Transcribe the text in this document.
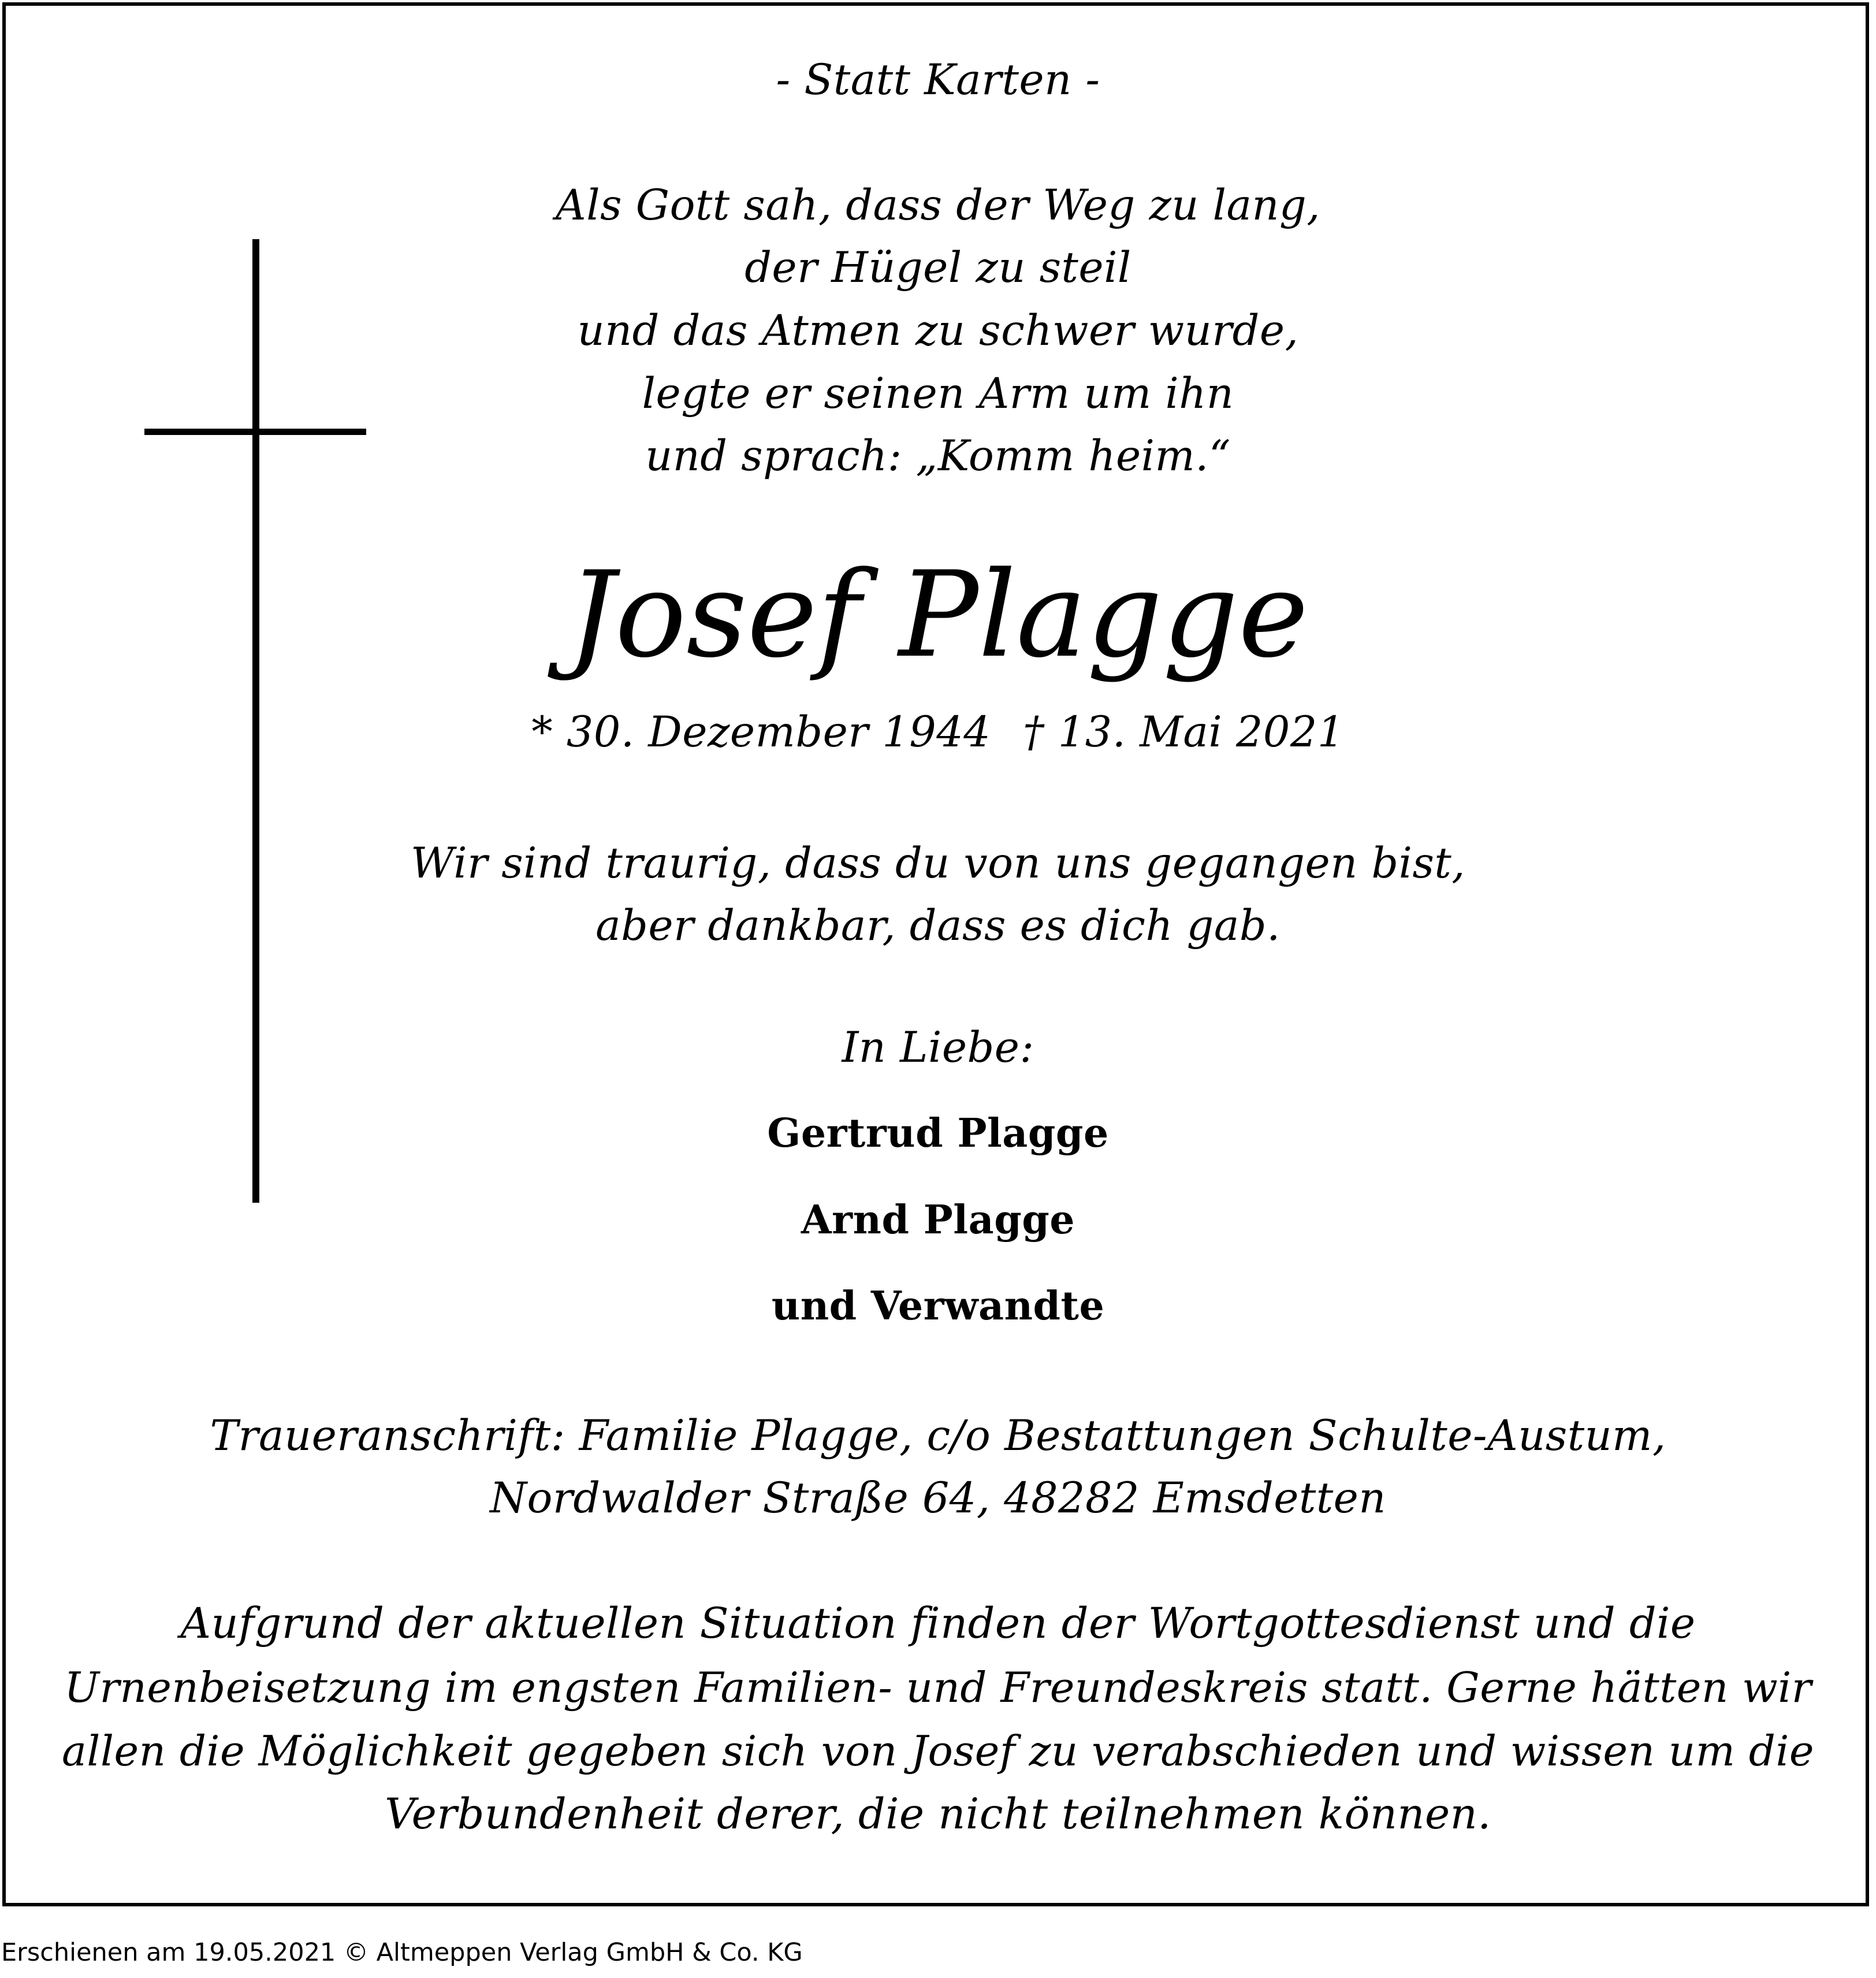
- Statt Karten -
Als Gott sah, dass der Weg zu lang,
der Hügel zu steil
und das Atmen zu schwer wurde,
legte er seinen Arm um ihn
und sprach: „Komm heim.“
Josef Plagge
* 30. Dezember 1944 † 13. Mai 2021
Wir sind traurig, dass du von uns gegangen bist,
aber dankbar, dass es dich gab.
In Liebe:
Gertrud Plagge
Arnd Plagge
und Verwandte
Traueranschrift: Familie Plagge, c/o Bestattungen Schulte-Austum,
Nordwalder Straße 64, 48282 Emsdetten
Aufgrund der aktuellen Situation finden der Wortgottesdienst und die
Urnenbeisetzung im engsten Familien- und Freundeskreis statt. Gerne hätten wir
allen die Möglichkeit gegeben sich von Josef zu verabschieden und wissen um die
Verbundenheit derer, die nicht teilnehmen können.
Erschienen am 19.05.2021 © Altmeppen Verlag GmbH & Co. KG
